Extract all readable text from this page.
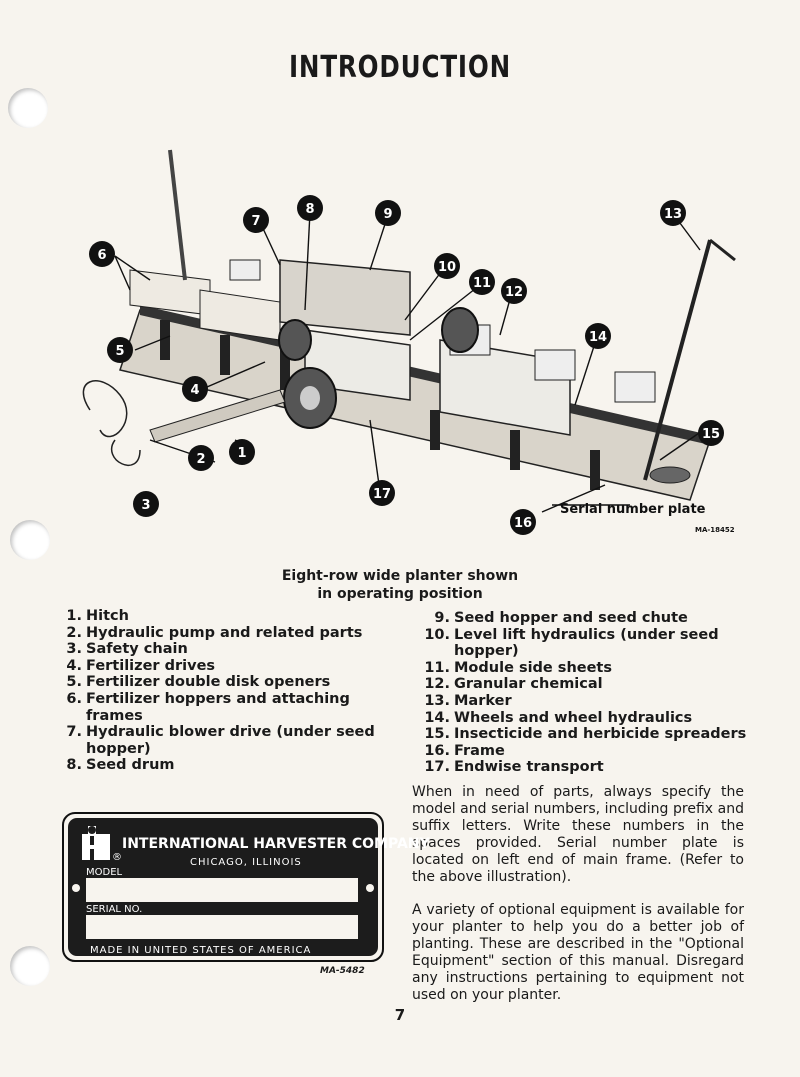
INTRODUCTION
6
5
4
1
2
3
7
8	9
10
11
12
13
14
15
16
17
Serial number plate
MA-18452
Eight-row wide planter shown
in operating position
1. Hitch
2. Hydraulic pump and related parts
3. Safety chain
4. Fertilizer drives
5. Fertilizer double disk openers
6. Fertilizer hoppers and attaching frames
7. Hydraulic blower drive (under seed hopper)
8. Seed drum
9. Seed hopper and seed chute
10. Level lift hydraulics (under seed hopper)
11. Module side sheets
12. Granular chemical
13. Marker
14. Wheels and wheel hydraulics
15. Insecticide and herbicide spreaders
16. Frame
17. Endwise transport
When in need of parts, always specify the model and serial numbers, including prefix and suffix letters. Write these numbers in the spaces provided. Serial number plate is located on left end of main frame. (Refer to the above illustration).
A variety of optional equipment is available for your planter to help you do a better job of planting. These are described in the "Optional Equipment" section of this manual. Disregard any instructions pertaining to equipment not used on your planter.
®
INTERNATIONAL HARVESTER COMPANY
CHICAGO, ILLINOIS
MODEL
SERIAL NO.
MADE IN UNITED STATES OF AMERICA
MA-5482
7
